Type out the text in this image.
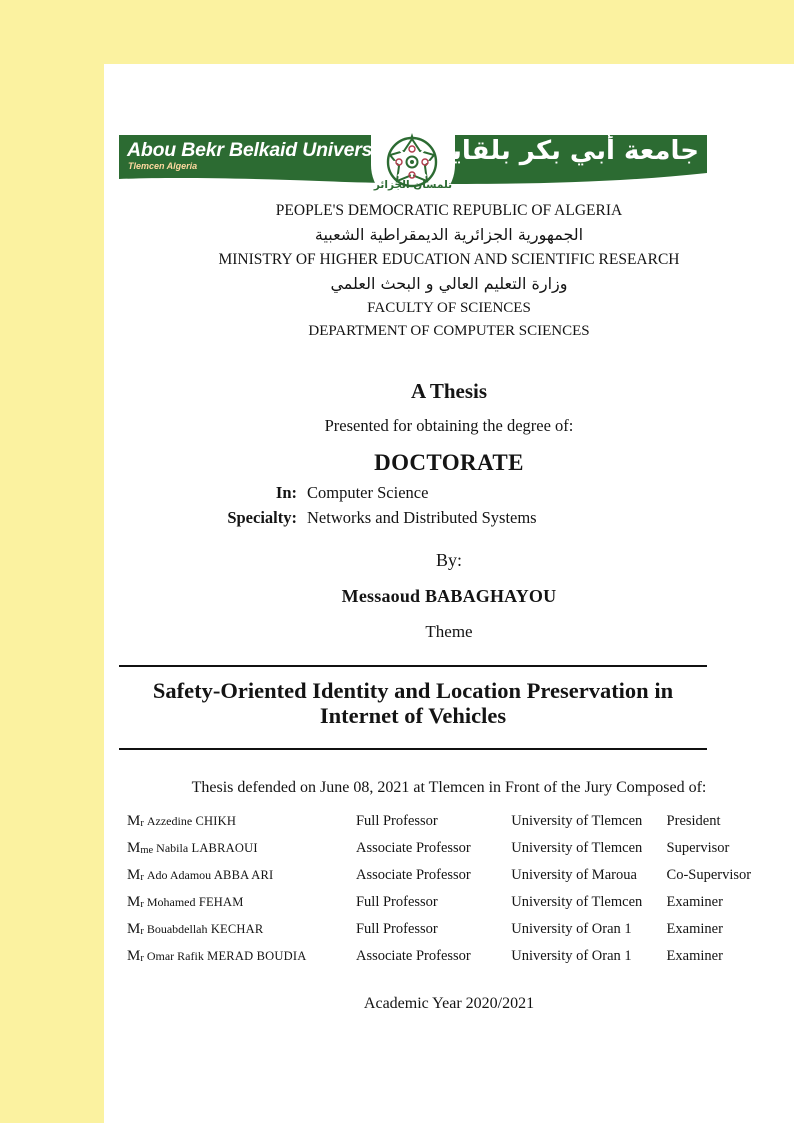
Abou Bekr Belkaid University
Tlemcen Algeria	جامعة أبي بكر بلقايد
تلمسان الجزائر
PEOPLE'S DEMOCRATIC REPUBLIC OF ALGERIA
الجمهورية الجزائرية الديمقراطية الشعبية
MINISTRY OF HIGHER EDUCATION AND SCIENTIFIC RESEARCH
وزارة التعليم العالي و البحث العلمي
FACULTY OF SCIENCES
DEPARTMENT OF COMPUTER SCIENCES
A Thesis
Presented for obtaining the degree of:
DOCTORATE
In: Computer Science
Specialty: Networks and Distributed Systems
By:
Messaoud BABAGHAYOU
Theme
Safety-Oriented Identity and Location Preservation in Internet of Vehicles
Thesis defended on June 08, 2021 at Tlemcen in Front of the Jury Composed of:
$M_r$ Azzedine CHIKH	Full Professor	University of Tlemcen	President
$M_{me}$ Nabila LABRAOUI	Associate Professor	University of Tlemcen	Supervisor
$M_r$ Ado Adamou ABBA ARI	Associate Professor	University of Maroua	Co-Supervisor
$M_r$ Mohamed FEHAM	Full Professor	University of Tlemcen	Examiner
$M_r$ Bouabdellah KECHAR	Full Professor	University of Oran 1	Examiner
$M_r$ Omar Rafik MERAD BOUDIA	Associate Professor	University of Oran 1	Examiner
Academic Year 2020/2021
